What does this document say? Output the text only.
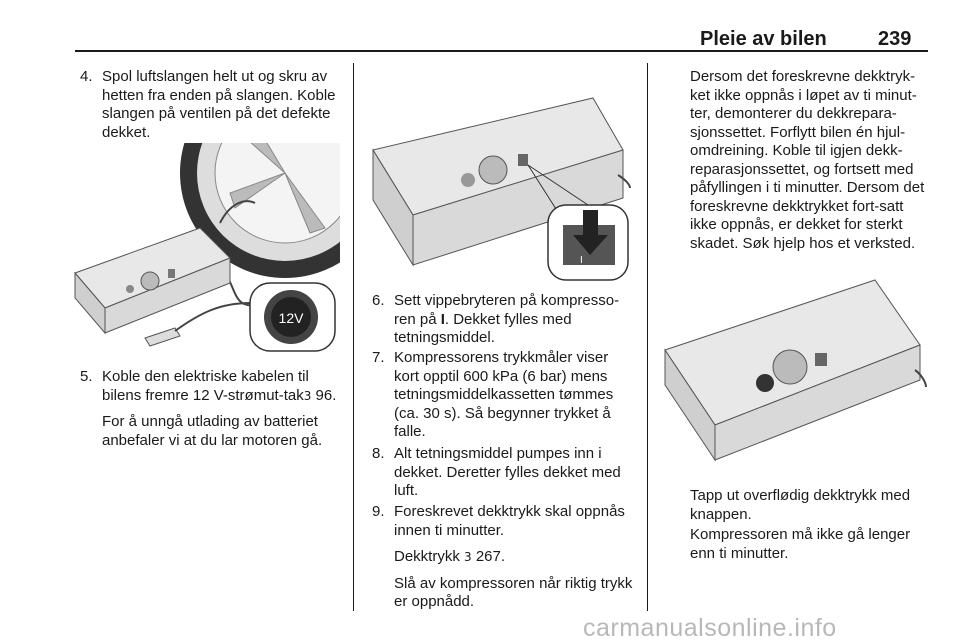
Pleie av bilen	239
4. Spol luftslangen helt ut og skru av hetten fra enden på slangen. Koble slangen på ventilen på det defekte dekket.
12V
5. Koble den elektriske kabelen til bilens fremre 12 V-strømut-tak3 96.

For å unngå utlading av batteriet anbefaler vi at du lar motoren gå.

I
6. Sett vippebryteren på kompresso-ren på I. Dekket fylles med tetningsmiddel.
7. Kompressorens trykkmåler viser kort opptil 600 kPa (6 bar) mens tetningsmiddelkassetten tømmes (ca. 30 s). Så begynner trykket å falle.
8. Alt tetningsmiddel pumpes inn i dekket. Deretter fylles dekket med luft.
9. Foreskrevet dekktrykk skal oppnås innen ti minutter.

Dekktrykk 3 267.

Slå av kompressoren når riktig trykk er oppnådd.

Dersom det foreskrevne dekktryk-ket ikke oppnås i løpet av ti minut-ter, demonterer du dekkrepara-sjonssettet. Forflytt bilen én hjul-omdreining. Koble til igjen dekk-reparasjonssettet, og fortsett med påfyllingen i ti minutter. Dersom det foreskrevne dekktrykket fort-satt ikke oppnås, er dekket for sterkt skadet. Søk hjelp hos et verksted.
Tapp ut overflødig dekktrykk med knappen.
Kompressoren må ikke gå lenger enn ti minutter.
carmanualsonline.info
